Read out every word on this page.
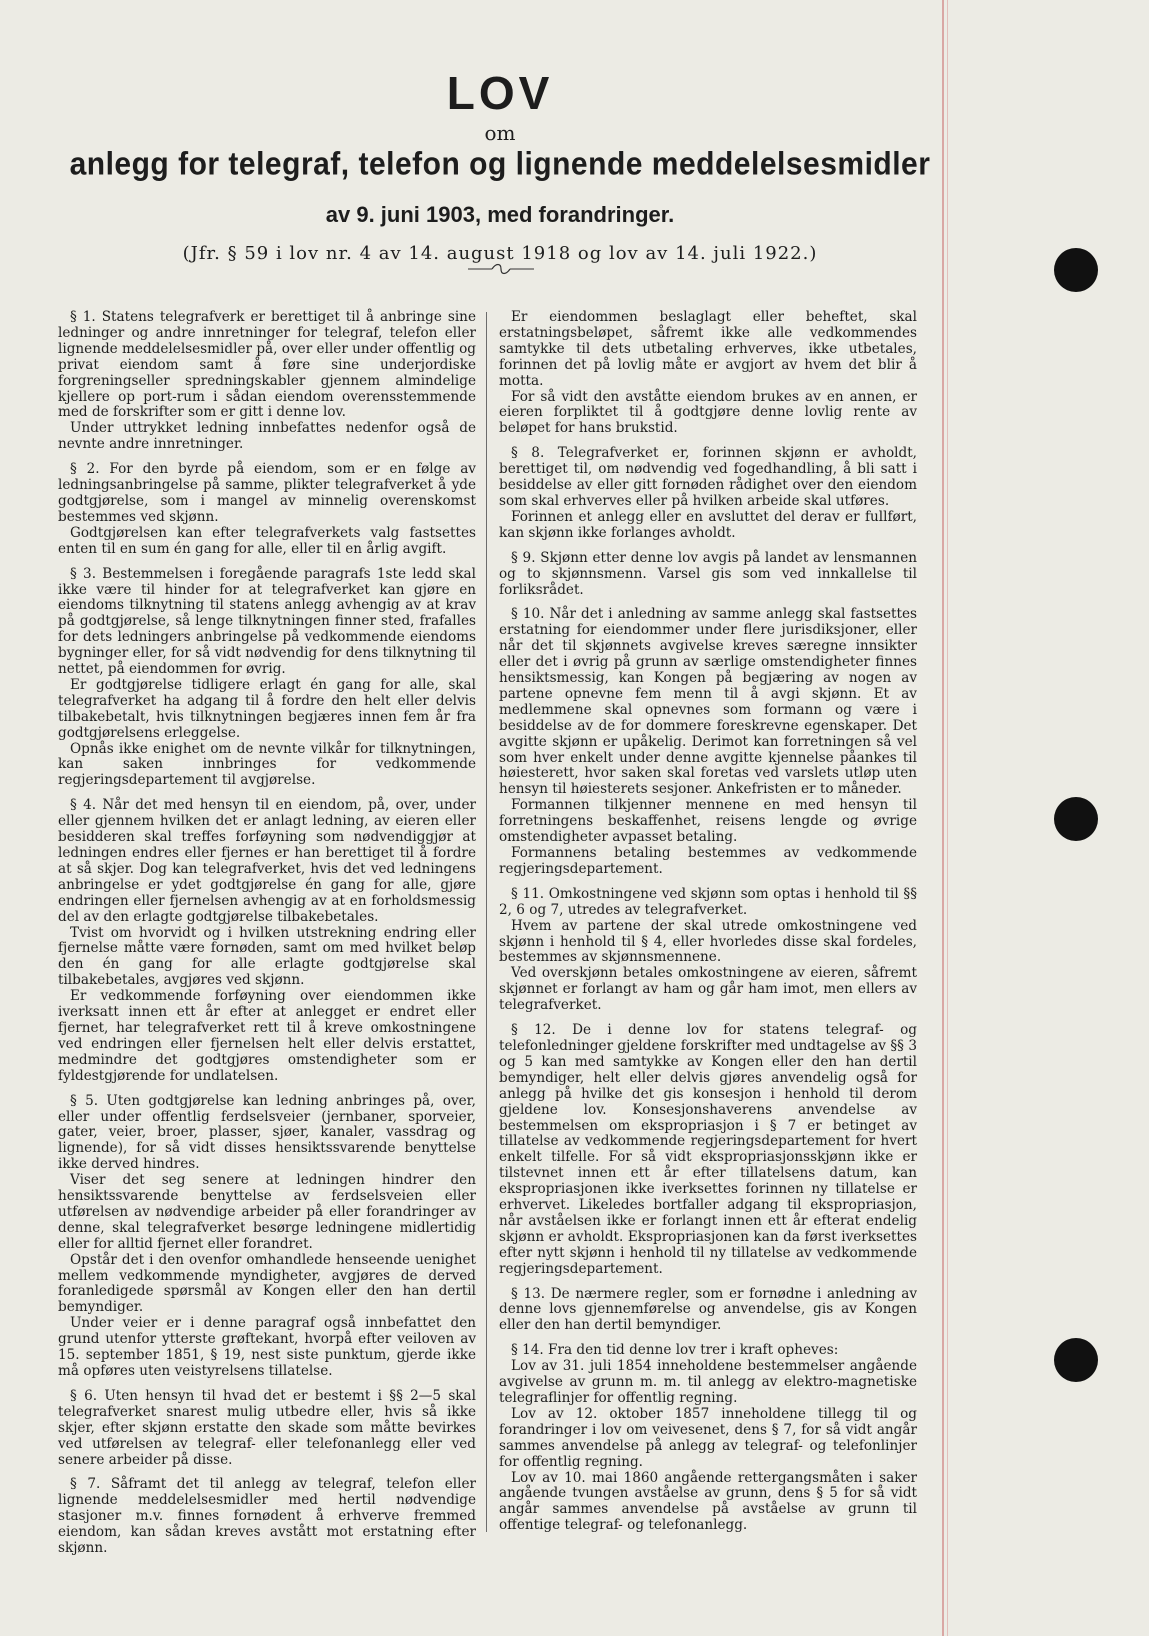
LOV
om
anlegg for telegraf, telefon og lignende meddelelsesmidler
av 9. juni 1903, med forandringer.
(Jfr. § 59 i lov nr. 4 av 14. august 1918 og lov av 14. juli 1922.)

§ 1. Statens telegrafverk er berettiget til å anbringe sine ledninger og andre innretninger for telegraf, telefon eller lignende meddelelsesmidler på, over eller under offentlig og privat eiendom samt å føre sine underjordiske forgreningseller spredningskabler gjennem almindelige kjellere op port-rum i sådan eiendom overensstemmende med de forskrifter som er gitt i denne lov.

Under uttrykket ledning innbefattes nedenfor også de nevnte andre innretninger.

§ 2. For den byrde på eiendom, som er en følge av ledningsanbringelse på samme, plikter telegrafverket å yde godtgjørelse, som i mangel av minnelig overenskomst bestemmes ved skjønn.

Godtgjørelsen kan efter telegrafverkets valg fastsettes enten til en sum én gang for alle, eller til en årlig avgift.

§ 3. Bestemmelsen i foregående paragrafs 1ste ledd skal ikke være til hinder for at telegrafverket kan gjøre en eiendoms tilknytning til statens anlegg avhengig av at krav på godtgjørelse, så lenge tilknytningen finner sted, frafalles for dets ledningers anbringelse på vedkommende eiendoms bygninger eller, for så vidt nødvendig for dens tilknytning til nettet, på eiendommen for øvrig.

Er godtgjørelse tidligere erlagt én gang for alle, skal telegrafverket ha adgang til å fordre den helt eller delvis tilbakebetalt, hvis tilknytningen begjæres innen fem år fra godtgjørelsens erleggelse.

Opnås ikke enighet om de nevnte vilkår for tilknytningen, kan saken innbringes for vedkommende regjeringsdepartement til avgjørelse.

§ 4. Når det med hensyn til en eiendom, på, over, under eller gjennem hvilken det er anlagt ledning, av eieren eller besidderen skal treffes forføyning som nødvendiggjør at ledningen endres eller fjernes er han berettiget til å fordre at så skjer. Dog kan telegrafverket, hvis det ved ledningens anbringelse er ydet godtgjørelse én gang for alle, gjøre endringen eller fjernelsen avhengig av at en forholdsmessig del av den erlagte godtgjørelse tilbakebetales.

Tvist om hvorvidt og i hvilken utstrekning endring eller fjernelse måtte være fornøden, samt om med hvilket beløp den én gang for alle erlagte godtgjørelse skal tilbakebetales, avgjøres ved skjønn.

Er vedkommende forføyning over eiendommen ikke iverksatt innen ett år efter at anlegget er endret eller fjernet, har telegrafverket rett til å kreve omkostningene ved endringen eller fjernelsen helt eller delvis erstattet, medmindre det godtgjøres omstendigheter som er fyldestgjørende for undlatelsen.

§ 5. Uten godtgjørelse kan ledning anbringes på, over, eller under offentlig ferdselsveier (jernbaner, sporveier, gater, veier, broer, plasser, sjøer, kanaler, vassdrag og lignende), for så vidt disses hensiktssvarende benyttelse ikke derved hindres.

Viser det seg senere at ledningen hindrer den hensiktssvarende benyttelse av ferdselsveien eller utførelsen av nødvendige arbeider på eller forandringer av denne, skal telegrafverket besørge ledningene midlertidig eller for alltid fjernet eller forandret.

Opstår det i den ovenfor omhandlede henseende uenighet mellem vedkommende myndigheter, avgjøres de derved foranledigede spørsmål av Kongen eller den han dertil bemyndiger.

Under veier er i denne paragraf også innbefattet den grund utenfor ytterste grøftekant, hvorpå efter veiloven av 15. september 1851, § 19, nest siste punktum, gjerde ikke må opføres uten veistyrelsens tillatelse.

§ 6. Uten hensyn til hvad det er bestemt i §§ 2—5 skal telegrafverket snarest mulig utbedre eller, hvis så ikke skjer, efter skjønn erstatte den skade som måtte bevirkes ved utførelsen av telegraf- eller telefonanlegg eller ved senere arbeider på disse.

§ 7. Såframt det til anlegg av telegraf, telefon eller lignende meddelelsesmidler med hertil nødvendige stasjoner m.v. finnes fornødent å erhverve fremmed eiendom, kan sådan kreves avstått mot erstatning efter skjønn.

Er eiendommen beslaglagt eller beheftet, skal erstatningsbeløpet, såfremt ikke alle vedkommendes samtykke til dets utbetaling erhverves, ikke utbetales, forinnen det på lovlig måte er avgjort av hvem det blir å motta.

For så vidt den avståtte eiendom brukes av en annen, er eieren forpliktet til å godtgjøre denne lovlig rente av beløpet for hans brukstid.

§ 8. Telegrafverket er, forinnen skjønn er avholdt, berettiget til, om nødvendig ved fogedhandling, å bli satt i besiddelse av eller gitt fornøden rådighet over den eiendom som skal erhverves eller på hvilken arbeide skal utføres.

Forinnen et anlegg eller en avsluttet del derav er fullført, kan skjønn ikke forlanges avholdt.

§ 9. Skjønn etter denne lov avgis på landet av lensmannen og to skjønnsmenn. Varsel gis som ved innkallelse til forliksrådet.

§ 10. Når det i anledning av samme anlegg skal fastsettes erstatning for eiendommer under flere jurisdiksjoner, eller når det til skjønnets avgivelse kreves særegne innsikter eller det i øvrig på grunn av særlige omstendigheter finnes hensiktsmessig, kan Kongen på begjæring av nogen av partene opnevne fem menn til å avgi skjønn. Et av medlemmene skal opnevnes som formann og være i besiddelse av de for dommere foreskrevne egenskaper. Det avgitte skjønn er upåkelig. Derimot kan forretningen så vel som hver enkelt under denne avgitte kjennelse påankes til høiesterett, hvor saken skal foretas ved varslets utløp uten hensyn til høiesterets sesjoner. Ankefristen er to måneder.

Formannen tilkjenner mennene en med hensyn til forretningens beskaffenhet, reisens lengde og øvrige omstendigheter avpasset betaling.

Formannens betaling bestemmes av vedkommende regjeringsdepartement.

§ 11. Omkostningene ved skjønn som optas i henhold til §§ 2, 6 og 7, utredes av telegrafverket.

Hvem av partene der skal utrede omkostningene ved skjønn i henhold til § 4, eller hvorledes disse skal fordeles, bestemmes av skjønnsmennene.

Ved overskjønn betales omkostningene av eieren, såfremt skjønnet er forlangt av ham og går ham imot, men ellers av telegrafverket.

§ 12. De i denne lov for statens telegraf- og telefonledninger gjeldene forskrifter med undtagelse av §§ 3 og 5 kan med samtykke av Kongen eller den han dertil bemyndiger, helt eller delvis gjøres anvendelig også for anlegg på hvilke det gis konsesjon i henhold til derom gjeldene lov. Konsesjonshaverens anvendelse av bestemmelsen om ekspropriasjon i § 7 er betinget av tillatelse av vedkommende regjeringsdepartement for hvert enkelt tilfelle. For så vidt ekspropriasjonsskjønn ikke er tilstevnet innen ett år efter tillatelsens datum, kan ekspropriasjonen ikke iverksettes forinnen ny tillatelse er erhvervet. Likeledes bortfaller adgang til ekspropriasjon, når avståelsen ikke er forlangt innen ett år efterat endelig skjønn er avholdt. Ekspropriasjonen kan da først iverksettes efter nytt skjønn i henhold til ny tillatelse av vedkommende regjeringsdepartement.

§ 13. De nærmere regler, som er fornødne i anledning av denne lovs gjennemførelse og anvendelse, gis av Kongen eller den han dertil bemyndiger.

§ 14. Fra den tid denne lov trer i kraft opheves:

Lov av 31. juli 1854 inneholdene bestemmelser angående avgivelse av grunn m. m. til anlegg av elektro-magnetiske telegraflinjer for offentlig regning.

Lov av 12. oktober 1857 inneholdene tillegg til og forandringer i lov om veivesenet, dens § 7, for så vidt angår sammes anvendelse på anlegg av telegraf- og telefonlinjer for offentlig regning.

Lov av 10. mai 1860 angående rettergangsmåten i saker angående tvungen avståelse av grunn, dens § 5 for så vidt angår sammes anvendelse på avståelse av grunn til offentige telegraf- og telefonanlegg.
